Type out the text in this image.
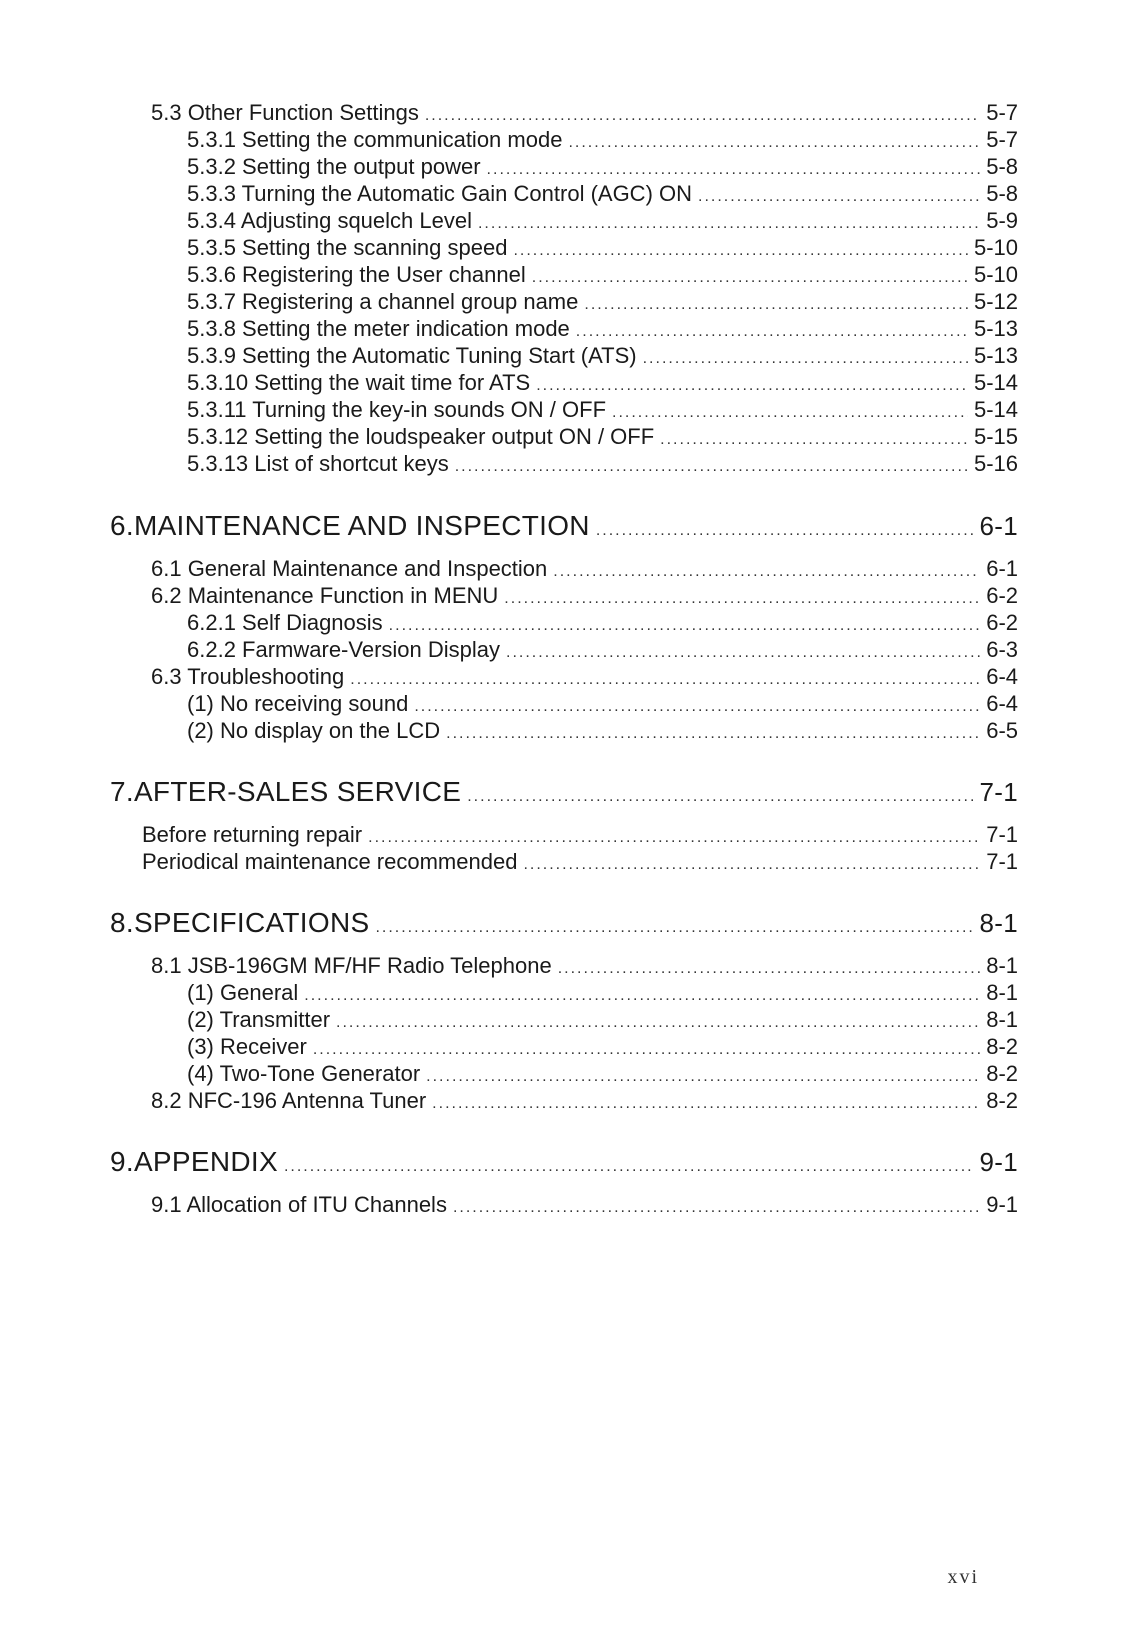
5.3 Other Function Settings .....	5-7
5.3.1 Setting the communication mode .....	5-7
5.3.2 Setting the output power .....	5-8
5.3.3 Turning the Automatic Gain Control (AGC) ON .....	5-8
5.3.4 Adjusting squelch Level .....	5-9
5.3.5 Setting the scanning speed .....	5-10
5.3.6 Registering the User channel .....	5-10
5.3.7 Registering a channel group name .....	5-12
5.3.8 Setting the meter indication mode .....	5-13
5.3.9 Setting the Automatic Tuning Start (ATS) .....	5-13
5.3.10 Setting the wait time for ATS .....	5-14
5.3.11 Turning the key-in sounds ON / OFF .....	5-14
5.3.12 Setting the loudspeaker output ON / OFF .....	5-15
5.3.13 List of shortcut keys .....	5-16
6.MAINTENANCE AND INSPECTION .....	6-1
6.1 General Maintenance and Inspection .....	6-1
6.2 Maintenance Function in MENU .....	6-2
6.2.1 Self Diagnosis .....	6-2
6.2.2 Farmware-Version Display .....	6-3
6.3 Troubleshooting .....	6-4
(1) No receiving sound .....	6-4
(2) No display on the LCD .....	6-5
7.AFTER-SALES SERVICE .....	7-1
Before returning repair .....	7-1
Periodical maintenance recommended .....	7-1
8.SPECIFICATIONS .....	8-1
8.1 JSB-196GM MF/HF Radio Telephone .....	8-1
(1) General .....	8-1
(2) Transmitter .....	8-1
(3) Receiver .....	8-2
(4) Two-Tone Generator .....	8-2
8.2 NFC-196 Antenna Tuner .....	8-2
9.APPENDIX .....	9-1
9.1 Allocation of ITU Channels .....	9-1
xvi
